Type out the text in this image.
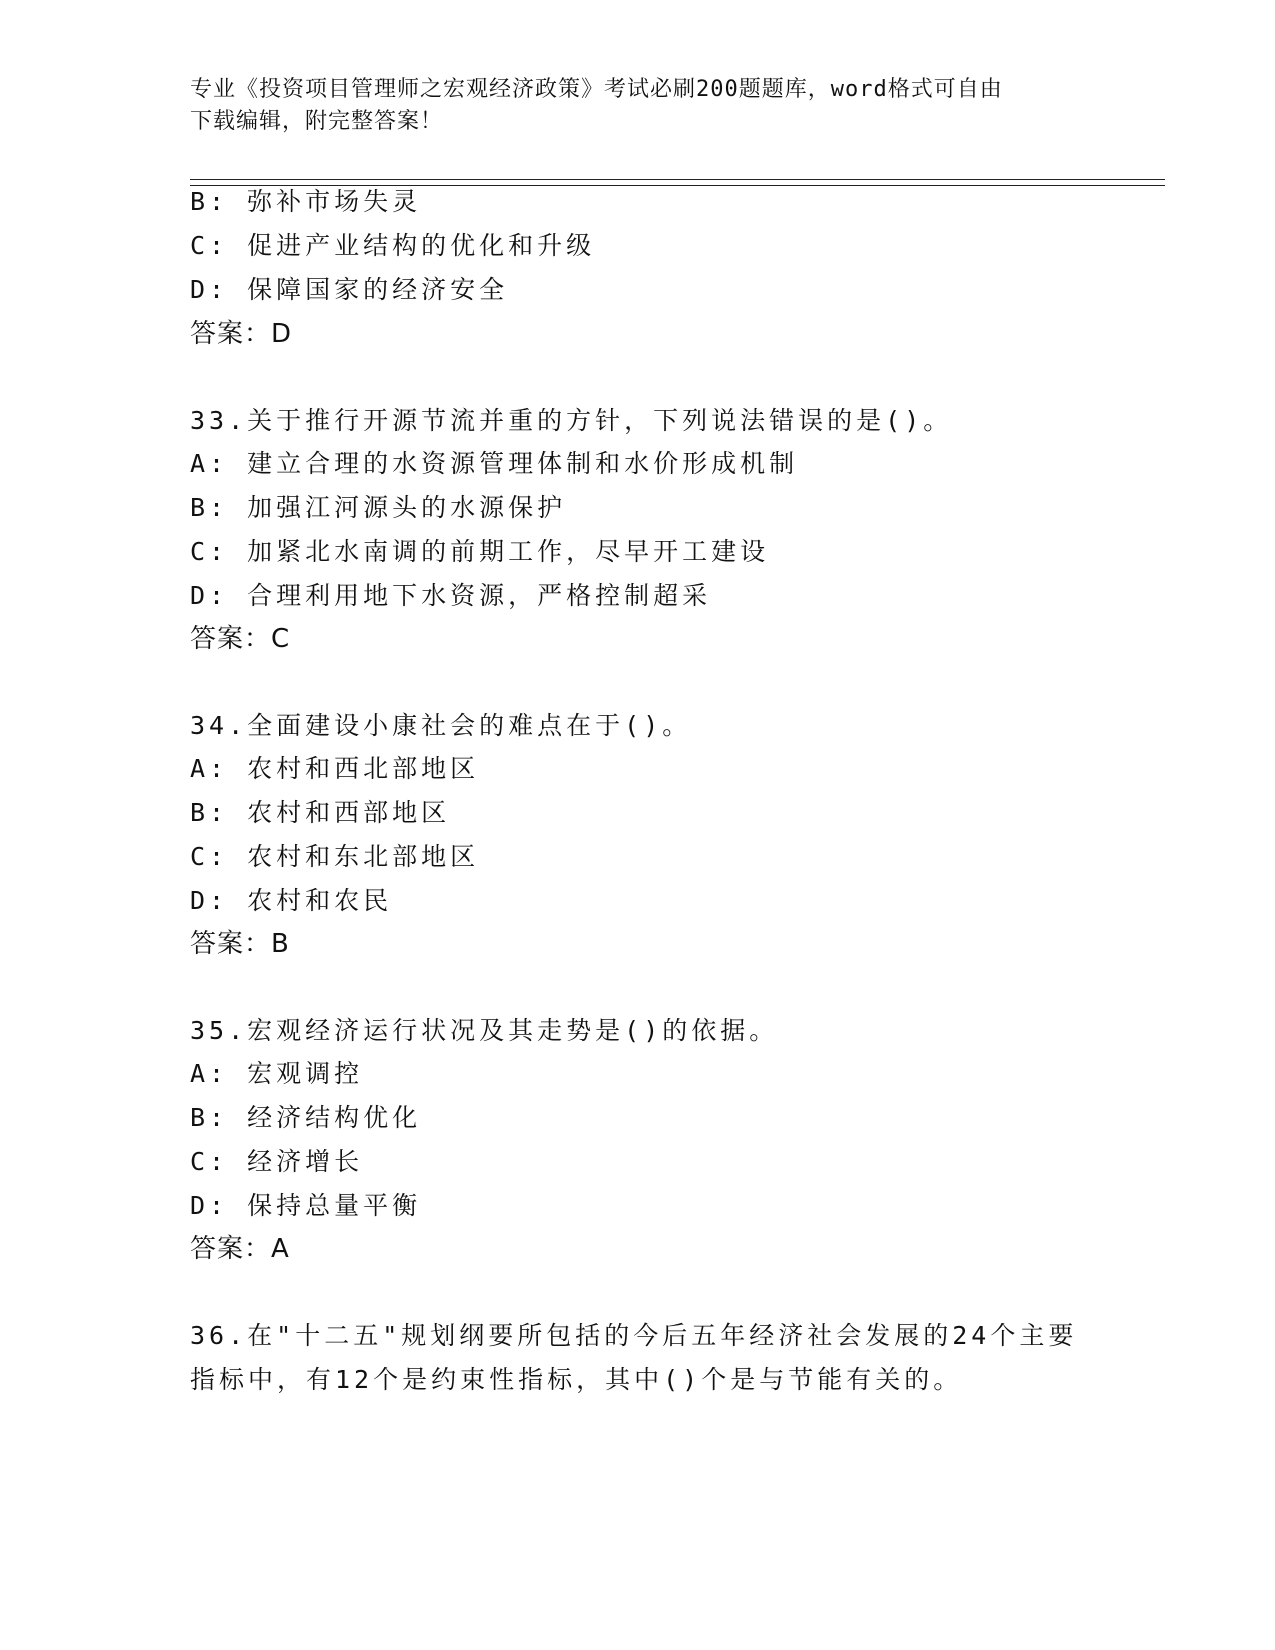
专业《投资项目管理师之宏观经济政策》考试必刷200题题库，word格式可自由
下载编辑，附完整答案！
B: 弥补市场失灵
C: 促进产业结构的优化和升级
D: 保障国家的经济安全
答案：D
33.关于推行开源节流并重的方针，下列说法错误的是()。
A: 建立合理的水资源管理体制和水价形成机制
B: 加强江河源头的水源保护
C: 加紧北水南调的前期工作，尽早开工建设
D: 合理利用地下水资源，严格控制超采
答案：C
34.全面建设小康社会的难点在于()。
A: 农村和西北部地区
B: 农村和西部地区
C: 农村和东北部地区
D: 农村和农民
答案：B
35.宏观经济运行状况及其走势是()的依据。
A: 宏观调控
B: 经济结构优化
C: 经济增长
D: 保持总量平衡
答案：A
36.在"十二五"规划纲要所包括的今后五年经济社会发展的24个主要
指标中，有12个是约束性指标，其中()个是与节能有关的。
